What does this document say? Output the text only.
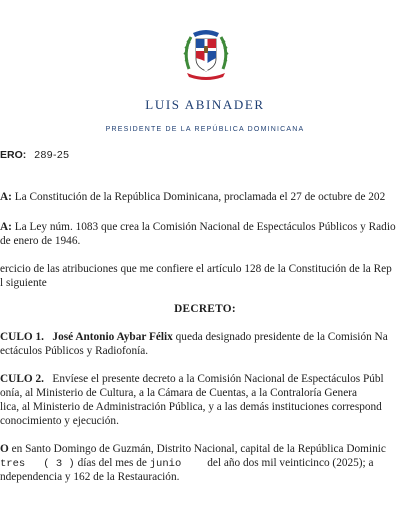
LUIS ABINADER
PRESIDENTE DE LA REPÚBLICA DOMINICANA
ERO: 289-25
A: La Constitución de la República Dominicana, proclamada el 27 de octubre de 202
A: La Ley núm. 1083 que crea la Comisión Nacional de Espectáculos Públicos y Radio
de enero de 1946.
ercicio de las atribuciones que me confiere el artículo 128 de la Constitución de la Rep
l siguiente
DECRETO:
CULO 1. José Antonio Aybar Félix queda designado presidente de la Comisión Na
ectáculos Públicos y Radiofonía.
CULO 2. Envíese el presente decreto a la Comisión Nacional de Espectáculos Públ
onía, al Ministerio de Cultura, a la Cámara de Cuentas, a la Contraloría Genera
lica, al Ministerio de Administración Pública, y a las demás instituciones correspond
conocimiento y ejecución.
O en Santo Domingo de Guzmán, Distrito Nacional, capital de la República Dominic
tres ( 3 ) días del mes de junio del año dos mil veinticinco (2025); a
ndependencia y 162 de la Restauración.
